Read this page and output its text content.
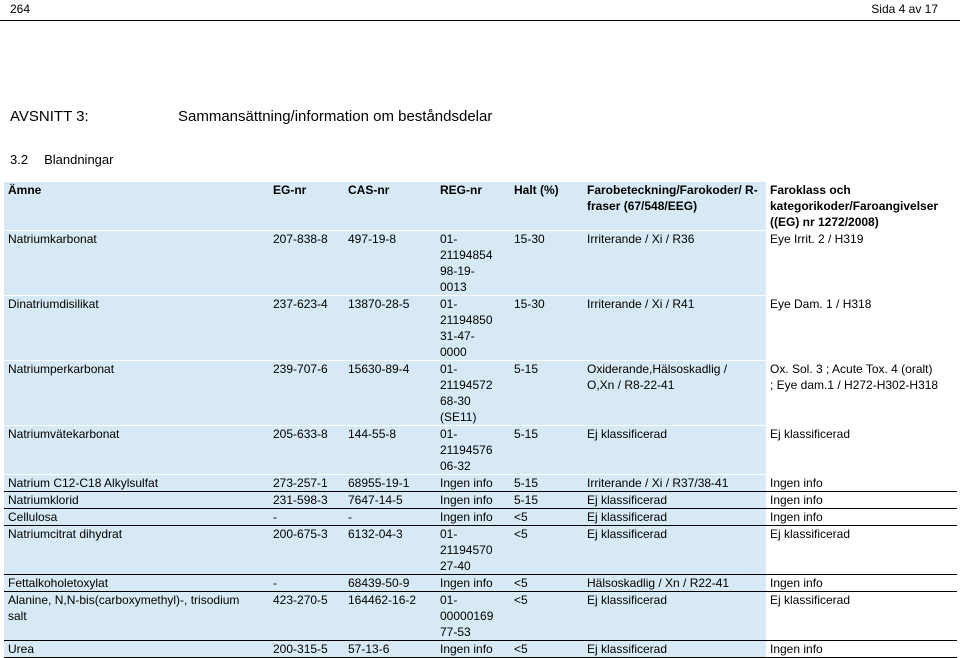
264	Sida 4 av 17
AVSNITT 3:	Sammansättning/information om beståndsdelar
3.2 Blandningar
Ämne	EG-nr	CAS-nr	REG-nr	Halt (%)	Farobeteckning/Farokoder/ R-fraser (67/548/EEG)	Faroklass och kategorikoder/Faroangivelser ((EG) nr 1272/2008)
Natriumkarbonat	207-838-8	497-19-8	01-
21194854
98-19-
0013	15-30	Irriterande / Xi / R36	Eye Irrit. 2 / H319
Dinatriumdisilikat	237-623-4	13870-28-5	01-
21194850
31-47-
0000	15-30	Irriterande / Xi / R41	Eye Dam. 1 / H318
Natriumperkarbonat	239-707-6	15630-89-4	01-
21194572
68-30
(SE11)	5-15	Oxiderande,Hälsoskadlig /
O,Xn / R8-22-41	Ox. Sol. 3 ; Acute Tox. 4 (oralt)
; Eye dam.1 / H272-H302-H318
Natriumvätekarbonat	205-633-8	144-55-8	01-
21194576
06-32	5-15	Ej klassificerad	Ej klassificerad
Natrium C12-C18 Alkylsulfat	273-257-1	68955-19-1	Ingen info	5-15	Irriterande / Xi / R37/38-41	Ingen info
Natriumklorid	231-598-3	7647-14-5	Ingen info	5-15	Ej klassificerad	Ingen info
Cellulosa	-	-	Ingen info	<5	Ej klassificerad	Ingen info
Natriumcitrat dihydrat	200-675-3	6132-04-3	01-
21194570
27-40	<5	Ej klassificerad	Ej klassificerad
Fettalkoholetoxylat	-	68439-50-9	Ingen info	<5	Hälsoskadlig / Xn / R22-41	Ingen info
Alanine, N,N-bis(carboxymethyl)-, trisodium
salt	423-270-5	164462-16-2	01-
00000169
77-53	<5	Ej klassificerad	Ej klassificerad
Urea	200-315-5	57-13-6	Ingen info	<5	Ej klassificerad	Ingen info
